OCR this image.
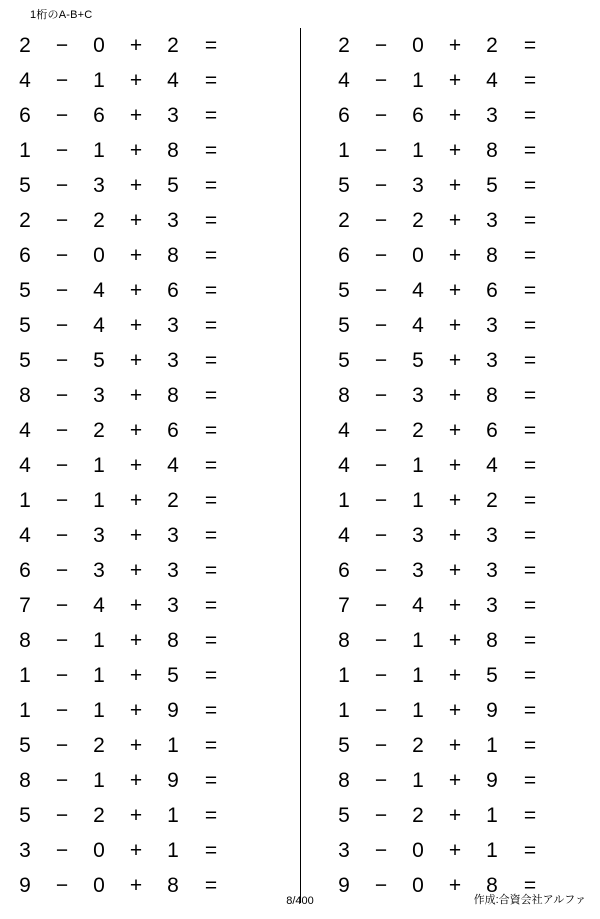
1桁のA-B+C
2	−	0	+	2	=
4	−	1	+	4	=
6	−	6	+	3	=
1	−	1	+	8	=
5	−	3	+	5	=
2	−	2	+	3	=
6	−	0	+	8	=
5	−	4	+	6	=
5	−	4	+	3	=
5	−	5	+	3	=
8	−	3	+	8	=
4	−	2	+	6	=
4	−	1	+	4	=
1	−	1	+	2	=
4	−	3	+	3	=
6	−	3	+	3	=
7	−	4	+	3	=
8	−	1	+	8	=
1	−	1	+	5	=
1	−	1	+	9	=
5	−	2	+	1	=
8	−	1	+	9	=
5	−	2	+	1	=
3	−	0	+	1	=
9	−	0	+	8	=
2	−	0	+	2	=
4	−	1	+	4	=
6	−	6	+	3	=
1	−	1	+	8	=
5	−	3	+	5	=
2	−	2	+	3	=
6	−	0	+	8	=
5	−	4	+	6	=
5	−	4	+	3	=
5	−	5	+	3	=
8	−	3	+	8	=
4	−	2	+	6	=
4	−	1	+	4	=
1	−	1	+	2	=
4	−	3	+	3	=
6	−	3	+	3	=
7	−	4	+	3	=
8	−	1	+	8	=
1	−	1	+	5	=
1	−	1	+	9	=
5	−	2	+	1	=
8	−	1	+	9	=
5	−	2	+	1	=
3	−	0	+	1	=
9	−	0	+	8	=
8/400	作成:合資会社アルファ
